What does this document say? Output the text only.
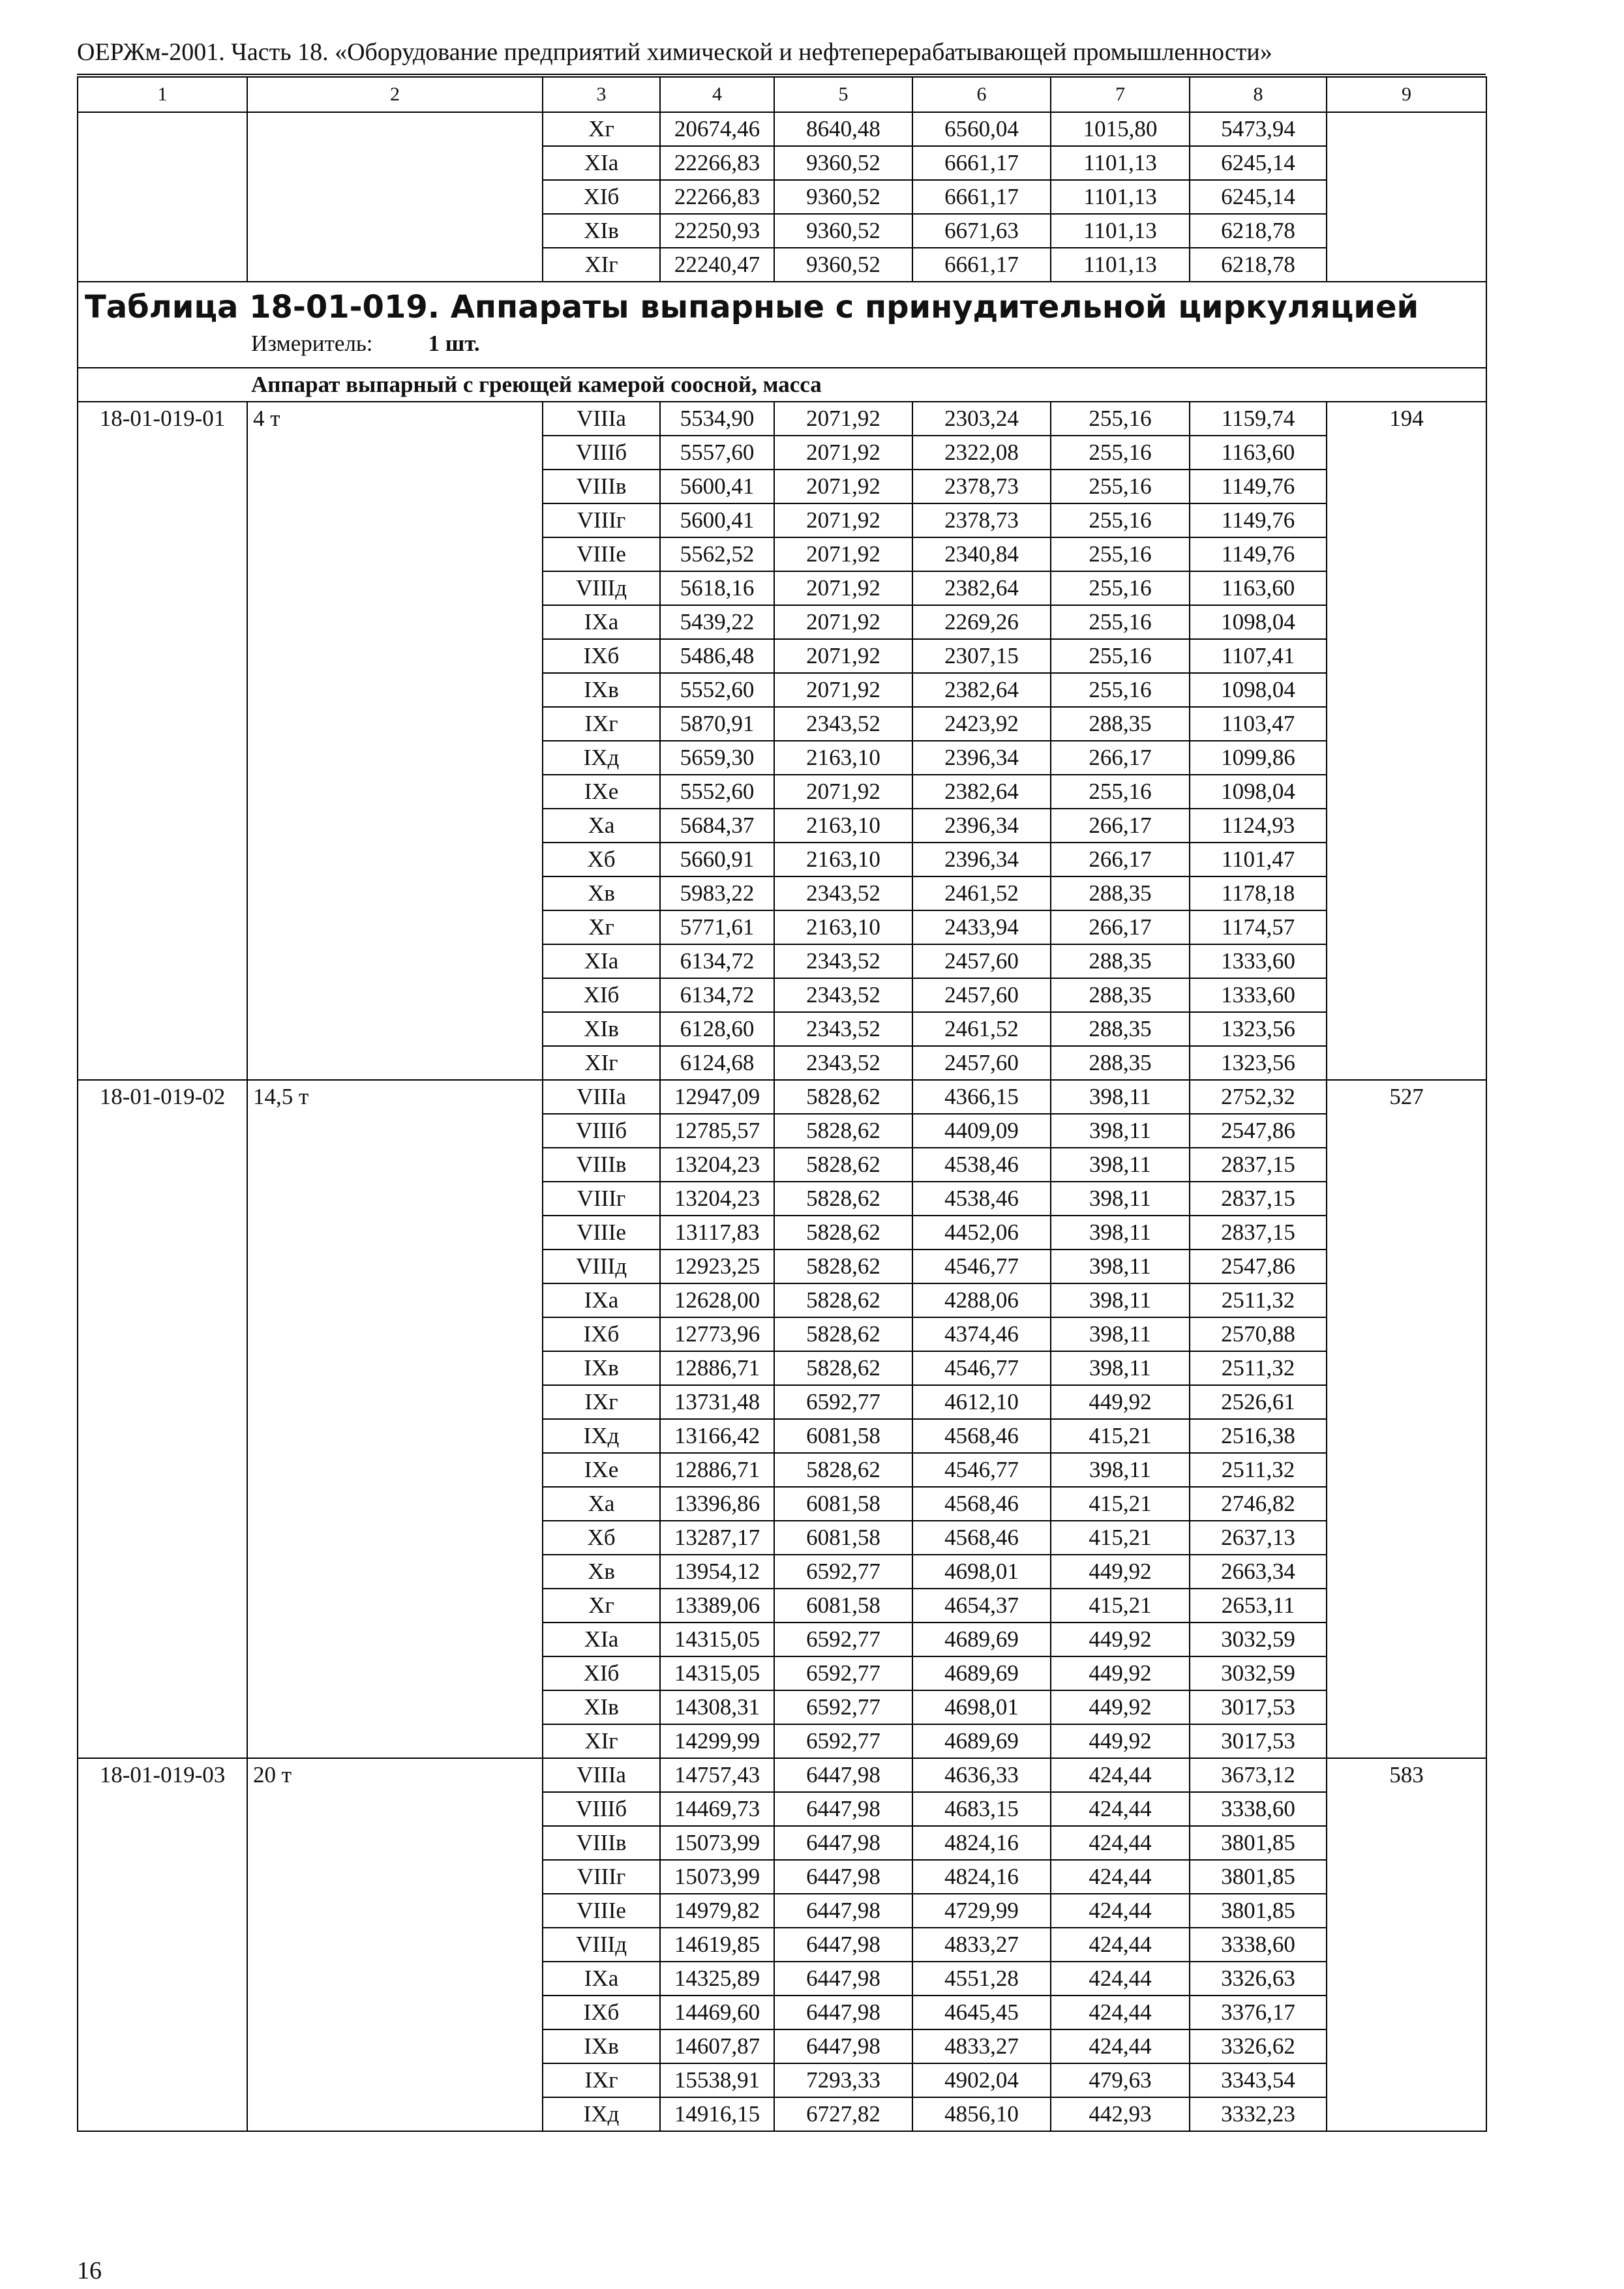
ОЕРЖм-2001. Часть 18. «Оборудование предприятий химической и нефтеперерабатывающей промышленности»
1	2	3	4	5	6	7	8	9
		Xг	20674,46	8640,48	6560,04	1015,80	5473,94	
		XIа	22266,83	9360,52	6661,17	1101,13	6245,14	
		XIб	22266,83	9360,52	6661,17	1101,13	6245,14	
		XIв	22250,93	9360,52	6671,63	1101,13	6218,78	
		XIг	22240,47	9360,52	6661,17	1101,13	6218,78	

Таблица 18-01-019. Аппараты выпарные с принудительной циркуляцией
Измеритель: 1 шт.								

Аппарат выпарный с греющей камерой соосной, масса								
18-01-019-01	4 т	VIIIа	5534,90	2071,92	2303,24	255,16	1159,74	194
		VIIIб	5557,60	2071,92	2322,08	255,16	1163,60	
		VIIIв	5600,41	2071,92	2378,73	255,16	1149,76	
		VIIIг	5600,41	2071,92	2378,73	255,16	1149,76	
		VIIIе	5562,52	2071,92	2340,84	255,16	1149,76	
		VIIIд	5618,16	2071,92	2382,64	255,16	1163,60	
		IXа	5439,22	2071,92	2269,26	255,16	1098,04	
		IXб	5486,48	2071,92	2307,15	255,16	1107,41	
		IXв	5552,60	2071,92	2382,64	255,16	1098,04	
		IXг	5870,91	2343,52	2423,92	288,35	1103,47	
		IXд	5659,30	2163,10	2396,34	266,17	1099,86	
		IXе	5552,60	2071,92	2382,64	255,16	1098,04	
		Xа	5684,37	2163,10	2396,34	266,17	1124,93	
		Xб	5660,91	2163,10	2396,34	266,17	1101,47	
		Xв	5983,22	2343,52	2461,52	288,35	1178,18	
		Xг	5771,61	2163,10	2433,94	266,17	1174,57	
		XIа	6134,72	2343,52	2457,60	288,35	1333,60	
		XIб	6134,72	2343,52	2457,60	288,35	1333,60	
		XIв	6128,60	2343,52	2461,52	288,35	1323,56	
		XIг	6124,68	2343,52	2457,60	288,35	1323,56	
18-01-019-02	14,5 т	VIIIа	12947,09	5828,62	4366,15	398,11	2752,32	527
		VIIIб	12785,57	5828,62	4409,09	398,11	2547,86	
		VIIIв	13204,23	5828,62	4538,46	398,11	2837,15	
		VIIIг	13204,23	5828,62	4538,46	398,11	2837,15	
		VIIIе	13117,83	5828,62	4452,06	398,11	2837,15	
		VIIIд	12923,25	5828,62	4546,77	398,11	2547,86	
		IXа	12628,00	5828,62	4288,06	398,11	2511,32	
		IXб	12773,96	5828,62	4374,46	398,11	2570,88	
		IXв	12886,71	5828,62	4546,77	398,11	2511,32	
		IXг	13731,48	6592,77	4612,10	449,92	2526,61	
		IXд	13166,42	6081,58	4568,46	415,21	2516,38	
		IXе	12886,71	5828,62	4546,77	398,11	2511,32	
		Xа	13396,86	6081,58	4568,46	415,21	2746,82	
		Xб	13287,17	6081,58	4568,46	415,21	2637,13	
		Xв	13954,12	6592,77	4698,01	449,92	2663,34	
		Xг	13389,06	6081,58	4654,37	415,21	2653,11	
		XIа	14315,05	6592,77	4689,69	449,92	3032,59	
		XIб	14315,05	6592,77	4689,69	449,92	3032,59	
		XIв	14308,31	6592,77	4698,01	449,92	3017,53	
		XIг	14299,99	6592,77	4689,69	449,92	3017,53	
18-01-019-03	20 т	VIIIа	14757,43	6447,98	4636,33	424,44	3673,12	583
		VIIIб	14469,73	6447,98	4683,15	424,44	3338,60	
		VIIIв	15073,99	6447,98	4824,16	424,44	3801,85	
		VIIIг	15073,99	6447,98	4824,16	424,44	3801,85	
		VIIIе	14979,82	6447,98	4729,99	424,44	3801,85	
		VIIIд	14619,85	6447,98	4833,27	424,44	3338,60	
		IXа	14325,89	6447,98	4551,28	424,44	3326,63	
		IXб	14469,60	6447,98	4645,45	424,44	3376,17	
		IXв	14607,87	6447,98	4833,27	424,44	3326,62	
		IXг	15538,91	7293,33	4902,04	479,63	3343,54	
		IXд	14916,15	6727,82	4856,10	442,93	3332,23	
16
